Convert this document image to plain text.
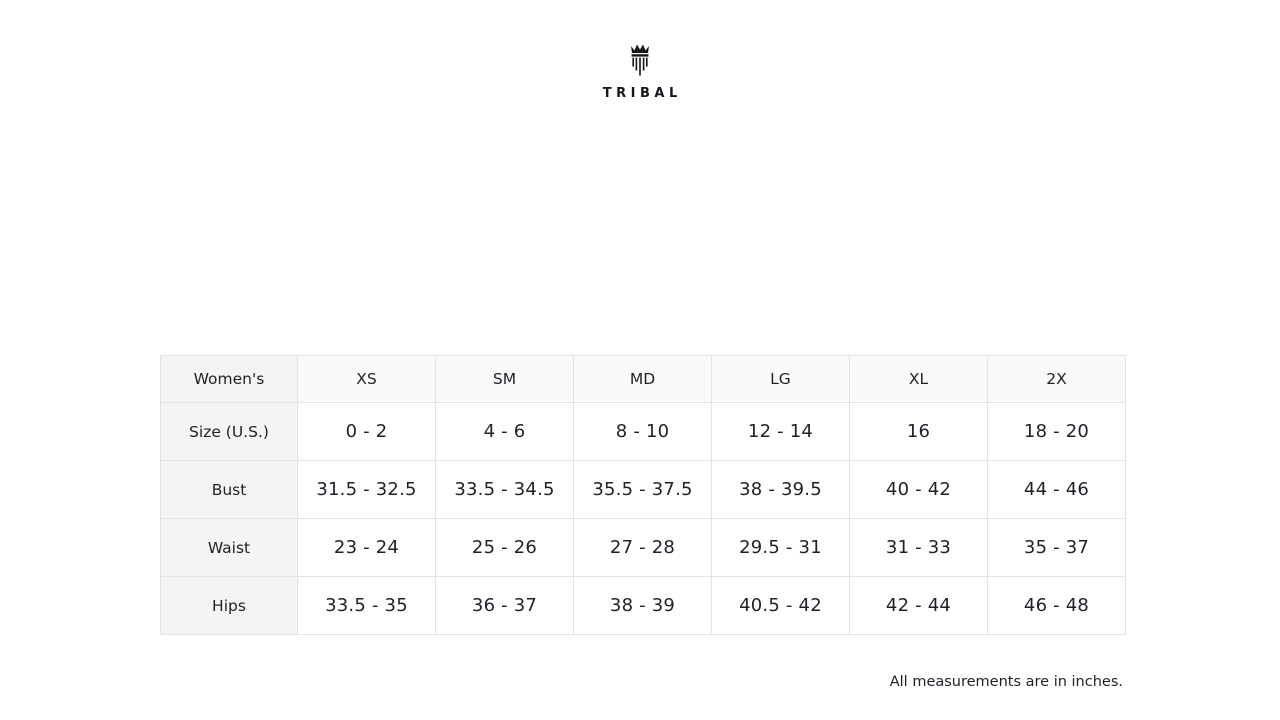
TRIBAL
Women's	XS	SM	MD	LG	XL	2X
Size (U.S.)	0 - 2	4 - 6	8 - 10	12 - 14	16	18 - 20
Bust	31.5 - 32.5	33.5 - 34.5	35.5 - 37.5	38 - 39.5	40 - 42	44 - 46
Waist	23 - 24	25 - 26	27 - 28	29.5 - 31	31 - 33	35 - 37
Hips	33.5 - 35	36 - 37	38 - 39	40.5 - 42	42 - 44	46 - 48
All measurements are in inches.
